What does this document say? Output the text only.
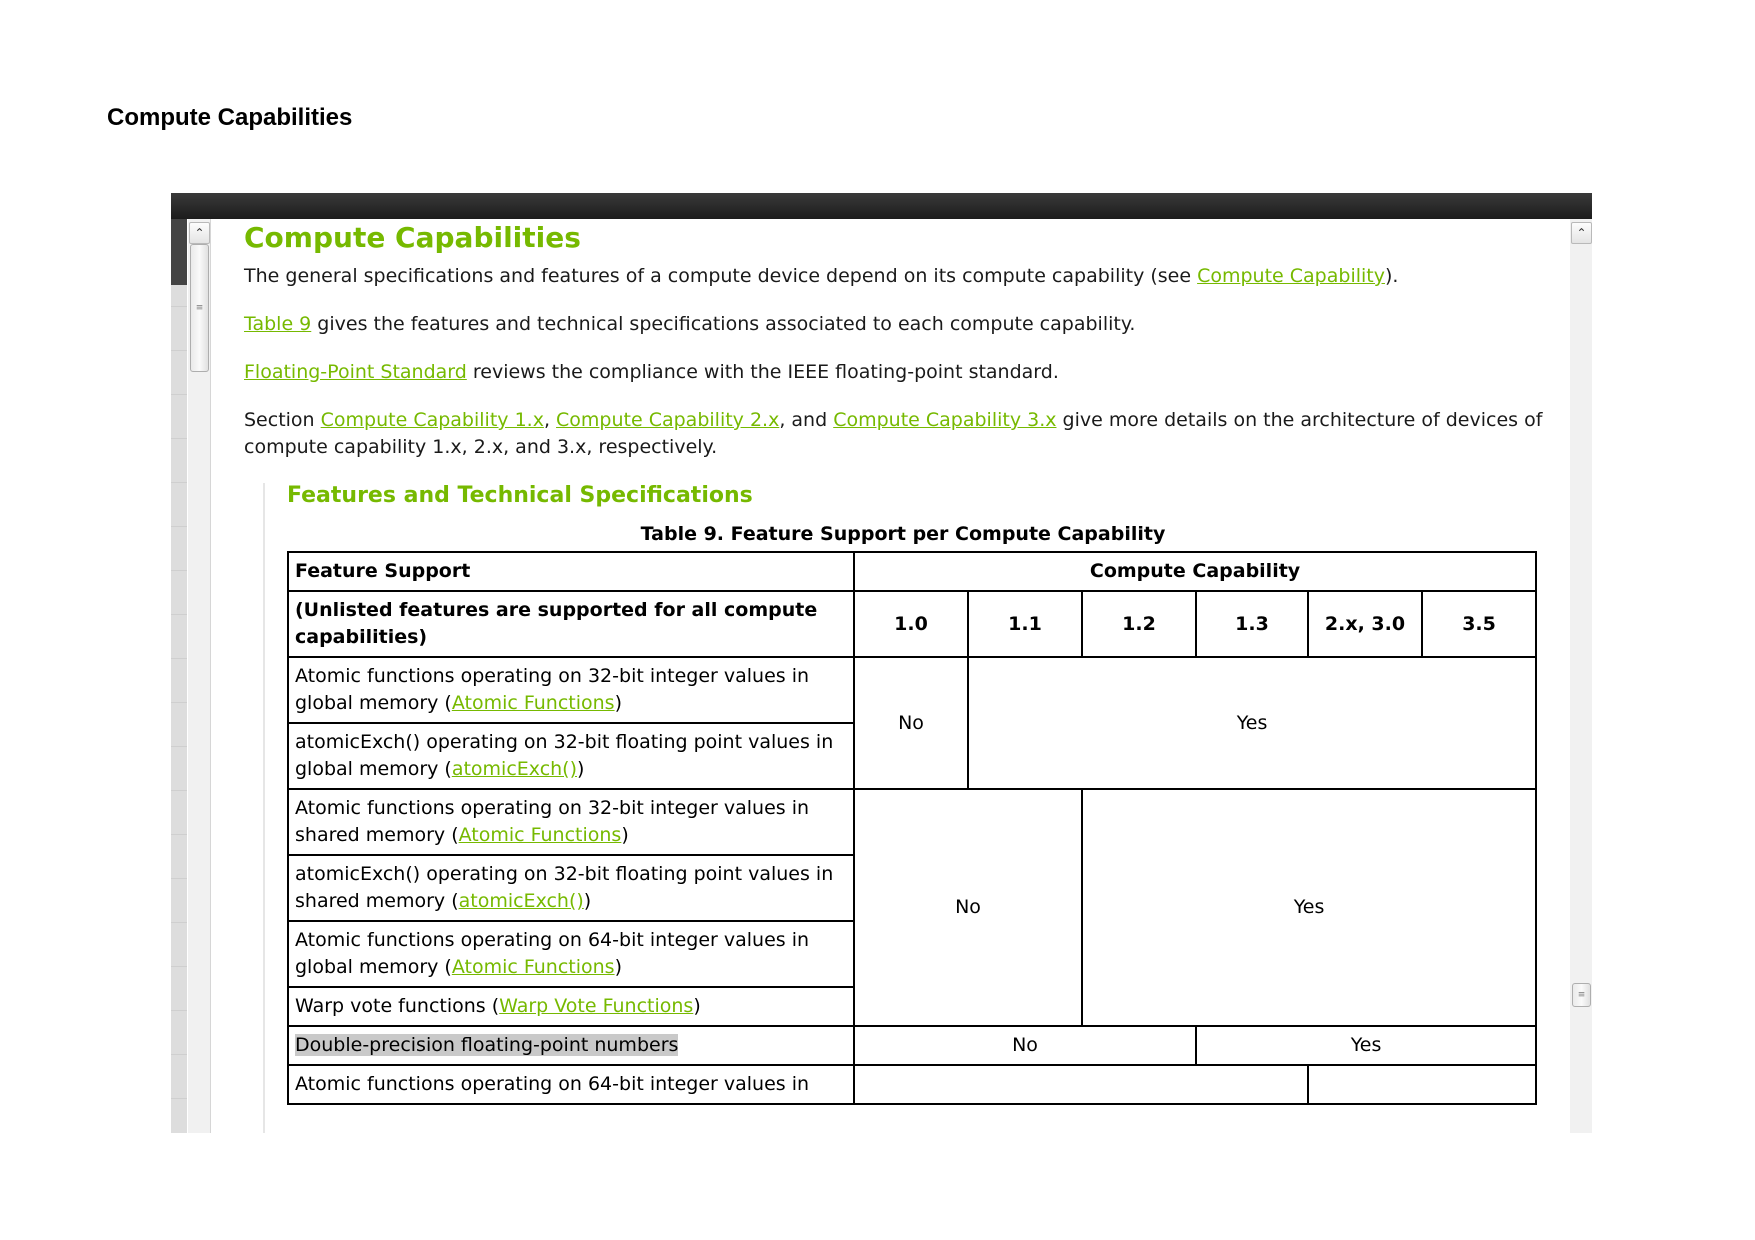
Compute Capabilities
⌃
≡
⌃
≡
Compute Capabilities

The general specifications and features of a compute device depend on its compute capability (see Compute Capability).

Table 9 gives the features and technical specifications associated to each compute capability.

Floating-Point Standard reviews the compliance with the IEEE floating-point standard.

Section Compute Capability 1.x, Compute Capability 2.x, and Compute Capability 3.x give more details on the architecture of devices of compute capability 1.x, 2.x, and 3.x, respectively.

Features and Technical Specifications
Table 9. Feature Support per Compute Capability
Feature Support	Compute Capability					
(Unlisted features are supported for all compute capabilities)	1.0	1.1	1.2	1.3	2.x, 3.0	3.5
Atomic functions operating on 32-bit integer values in global memory (Atomic Functions)	No	Yes				
atomicExch() operating on 32-bit floating point values in global memory (atomicExch())						
Atomic functions operating on 32-bit integer values in shared memory (Atomic Functions)	No		Yes			
atomicExch() operating on 32-bit floating point values in shared memory (atomicExch())						
Atomic functions operating on 64-bit integer values in global memory (Atomic Functions)						
Warp vote functions (Warp Vote Functions)						
Double-precision floating-point numbers	No			Yes		
Atomic functions operating on 64-bit integer values in						
